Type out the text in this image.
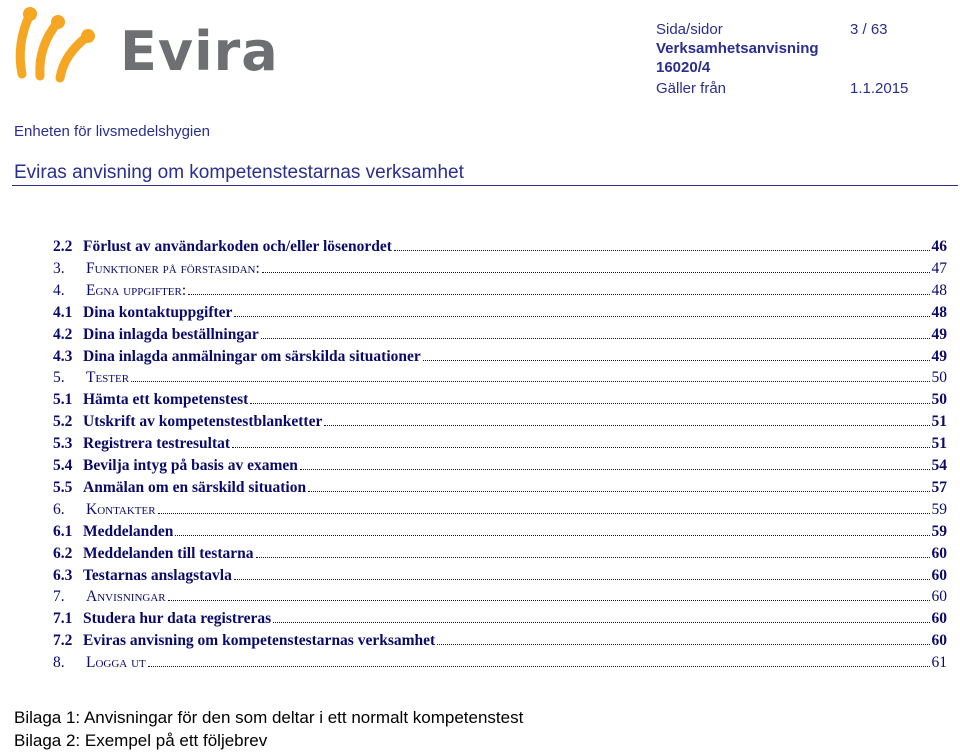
Evira	Sida/sidor	3 / 63
Verksamhetsanvisning
16020/4
Gäller från	1.1.2015
Enheten för livsmedelshygien
Eviras anvisning om kompetenstestarnas verksamhet
2.2 Förlust av användarkoden och/eller lösenordet	46
3.	Funktioner på förstasidan:	47
4.	Egna uppgifter:	48
4.1 Dina kontaktuppgifter	48
4.2 Dina inlagda beställningar	49
4.3 Dina inlagda anmälningar om särskilda situationer	49
5.	Tester	50
5.1 Hämta ett kompetenstest	50
5.2 Utskrift av kompetenstestblanketter	51
5.3 Registrera testresultat	51
5.4 Bevilja intyg på basis av examen	54
5.5 Anmälan om en särskild situation	57
6.	Kontakter	59
6.1 Meddelanden	59
6.2 Meddelanden till testarna	60
6.3 Testarnas anslagstavla	60
7.	Anvisningar	60
7.1 Studera hur data registreras	60
7.2 Eviras anvisning om kompetenstestarnas verksamhet	60
8.	Logga ut	61
Bilaga 1: Anvisningar för den som deltar i ett normalt kompetenstest
Bilaga 2: Exempel på ett följebrev
